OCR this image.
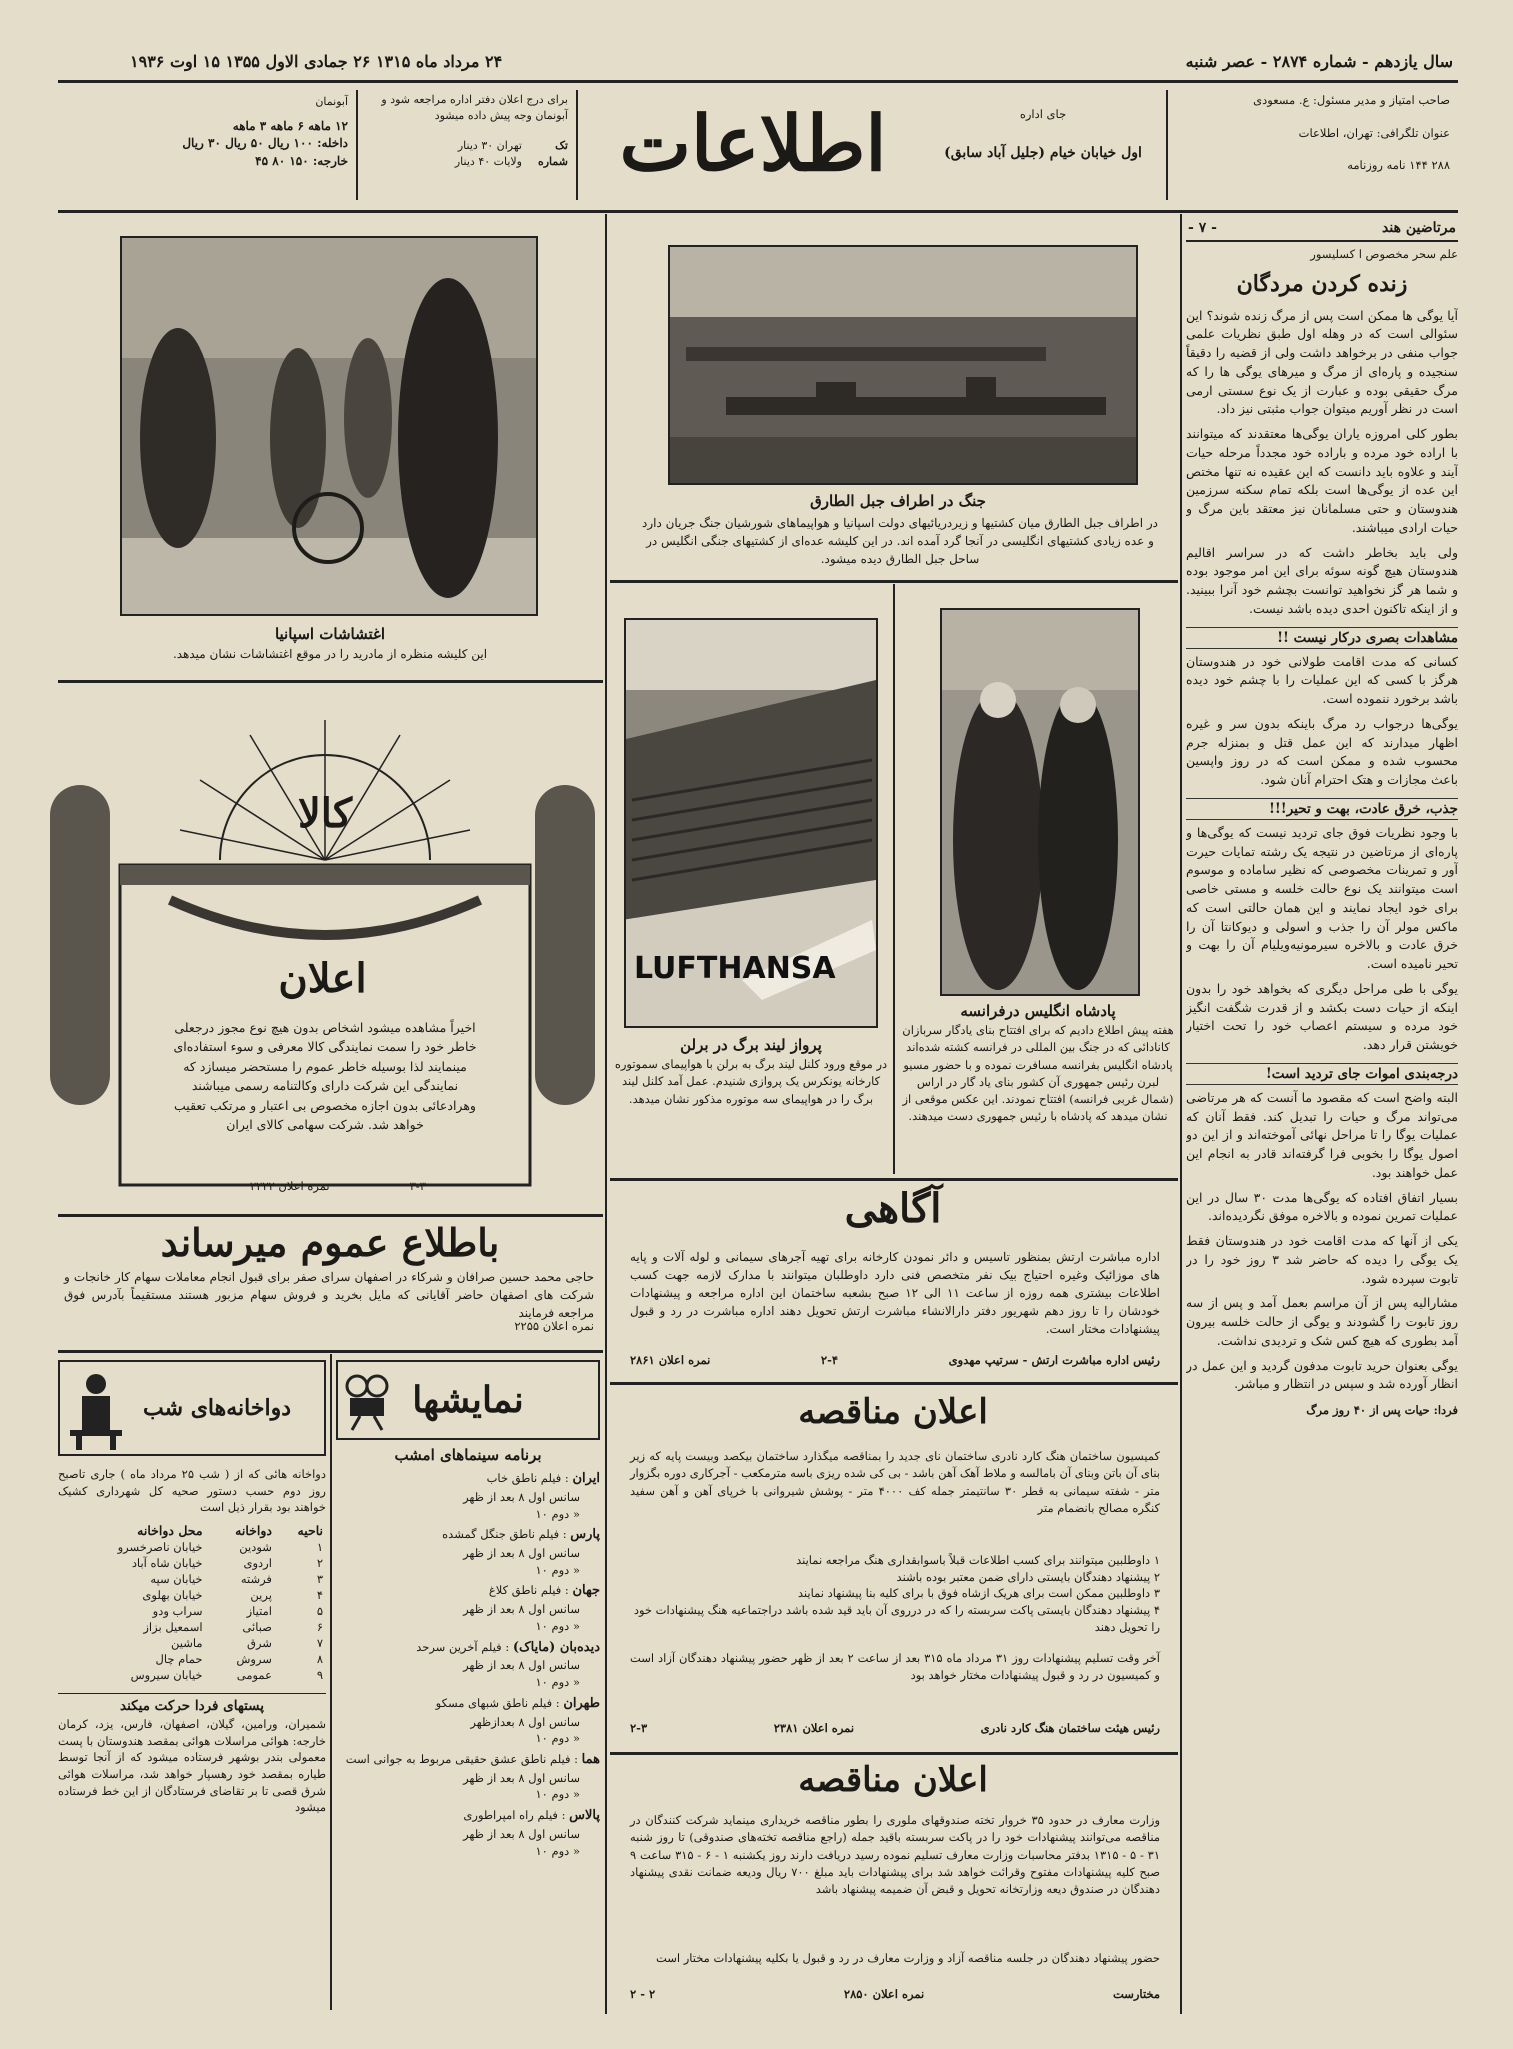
سال یازدهم - شماره ۲۸۷۴ - عصر شنبه
۲۴ مرداد ماه ۱۳۱۵ ۲۶ جمادی الاول ۱۳۵۵ ۱۵ اوت ۱۹۳۶
صاحب امتیاز و مدیر مسئول: ع. مسعودی
عنوان تلگرافی: تهران، اطلاعات
۲۸۸ ۱۴۴ نامه روزنامه
جای اداره
اول خیابان خیام (جلیل آباد سابق)
اطلاعات
برای درج اعلان دفتر اداره مراجعه شود و آبونمان وجه پیش داده میشود
تک شماره
تهران ۳۰ دینار
ولایات ۴۰ دینار
آبونمان
۱۲ ماهه ۶ ماهه ۳ ماهه
داخله: ۱۰۰ ریال ۵۰ ریال ۳۰ ریال
خارجه: ۱۵۰ ۸۰ ۴۵
مرتاضین هند
- ۷ -
علم سحر مخصوص ا کسلیسور
زنده کردن مردگان

آیا یوگی ها ممکن است پس از مرگ زنده شوند؟ این سئوالی است که در وهله اول طبق نظریات علمی جواب منفی در برخواهد داشت ولی از قضیه را دقیقاً سنجیده و پاره‌ای از مرگ و میرهای یوگی ها را که مرگ حقیقی بوده و عبارت از یک نوع سستی ارمی است در نظر آوریم میتوان جواب مثبتی نیز داد.

بطور کلی امروزه یاران یوگی‌ها معتقدند که میتوانند با اراده خود مرده و باراده خود مجدداً مرحله حیات آیند و علاوه باید دانست که این عقیده نه تنها مختص این عده از یوگی‌ها است بلکه تمام سکنه سرزمین هندوستان و حتی مسلمانان نیز معتقد باین مرگ و حیات ارادی میباشند.

ولی باید بخاطر داشت که در سراسر اقالیم هندوستان هیچ گونه سوئه برای این امر موجود بوده و شما هر گز نخواهید توانست بچشم خود آنرا ببینید. و از اینکه تاکنون احدی دیده باشد نیست.

مشاهدات بصری درکار نیست !!

کسانی که مدت اقامت طولانی خود در هندوستان هرگز با کسی که این عملیات را با چشم خود دیده باشد برخورد ننموده است.

یوگی‌ها درجواب رد مرگ باینکه بدون سر و غیره اظهار میدارند که این عمل قتل و بمنزله جرم محسوب شده و ممکن است که در روز واپسین باعث مجازات و هتک احترام آنان شود.

جذب، خرق عادت، بهت و تحیر!!!

با وجود نظریات فوق جای تردید نیست که یوگی‌ها و پاره‌ای از مرتاضین در نتیجه یک رشته تمایات حیرت آور و تمرینات مخصوصی که نظیر ساماده و موسوم است میتوانند یک نوع حالت خلسه و مستی خاصی برای خود ایجاد نمایند و این همان حالتی است که ماکس مولر آن را جذب و اسولی و دیوکانتا آن را خرق عادت و بالاخره سیرمونیه‌ویلیام آن را بهت و تحیر نامیده است.

یوگی با طی مراحل دیگری که بخواهد خود را بدون اینکه از حیات دست بکشد و از قدرت شگفت انگیز خود مرده و سیستم اعصاب خود را تحت اختیار خویشتن قرار دهد.

درجه‌بندی اموات جای تردید است!

البته واضح است که مقصود ما آنست که هر مرتاضی می‌تواند مرگ و حیات را تبدیل کند. فقط آنان که عملیات یوگا را تا مراحل نهائی آموخته‌اند و از این دو اصول یوگا را بخوبی فرا گرفته‌اند قادر به انجام این عمل خواهند بود.

بسیار اتفاق افتاده که یوگی‌ها مدت ۳۰ سال در این عملیات تمرین نموده و بالاخره موفق نگردیده‌اند.

یکی از آنها که مدت اقامت خود در هندوستان فقط یک یوگی را دیده که حاضر شد ۳ روز خود را در تابوت سپرده شود.

مشارالیه پس از آن مراسم بعمل آمد و پس از سه روز تابوت را گشودند و یوگی از حالت خلسه بیرون آمد بطوری که هیچ کس شک و تردیدی نداشت.

یوگی بعنوان حرید تابوت مدفون گردید و این عمل در انظار آورده شد و سپس در انتظار و مباشر.

فردا: حیات پس از ۴۰ روز مرگ
جنگ در اطراف جبل الطارق
در اطراف جبل الطارق میان کشتیها و زیردریائیهای دولت اسپانیا و هواپیماهای شورشیان جنگ جریان دارد و عده زیادی کشتیهای انگلیسی در آنجا گرد آمده اند. در این کلیشه عده‌ای از کشتیهای جنگی انگلیس در ساحل جبل الطارق دیده میشود.
اغتشاشات اسپانیا
این کلیشه منظره از مادرید را در موقع اغتشاشات نشان میدهد.
پادشاه انگلیس درفرانسه
هفته پیش اطلاع دادیم که برای افتتاح بنای یادگار سربازان کانادائی که در جنگ بین المللی در فرانسه کشته شده‌اند پادشاه انگلیس بفرانسه مسافرت نموده و با حضور مسیو لبرن رئیس جمهوری آن کشور بنای یاد گار در اراس (شمال غربی فرانسه) افتتاح نمودند. این عکس موقعی از نشان میدهد که پادشاه با رئیس جمهوری دست میدهند.
LUFTHANSA
پرواز لیند برگ در برلن
در موقع ورود کلنل لیند برگ به برلن با هواپیمای سموتوره کارخانه یونکرس یک پروازی شنیدم. عمل آمد کلنل لیند برگ را در هواپیمای سه موتوره مذکور نشان میدهد.
کالا
اعلان
اخیراً مشاهده میشود اشخاص بدون هیچ نوع مجوز درجعلی خاطر خود را سمت نمایندگی کالا معرفی و سوء استفاده‌ای مینمایند لذا بوسیله خاطر عموم را مستحضر میسازد که نمایندگی این شرکت دارای وکالتنامه رسمی میباشند وهرادعائی بدون اجازه مخصوص بی اعتبار و مرتکب تعقیب خواهد شد. شرکت سهامی کالای ایران
۳-۳
نمره اعلان ۲۲۲۲
باطلاع عموم میرساند
حاجی محمد حسین صرافان و شرکاء در اصفهان سرای صفر برای قبول انجام معاملات سهام کار خانجات و شرکت های اصفهان حاضر آقایانی که مایل بخرید و فروش سهام مزبور هستند مستقیماً بآدرس فوق مراجعه فرمایند
نمره اعلان ۲۲۵۵
آگاهی
اداره مباشرت ارتش بمنظور تاسیس و دائر نمودن کارخانه برای تهیه آجرهای سیمانی و لوله آلات و پایه های موزائیک وغیره احتیاج بیک نفر متخصص فنی دارد داوطلبان میتوانند با مدارک لازمه جهت کسب اطلاعات بیشتری همه روزه از ساعت ۱۱ الی ۱۲ صبح بشعبه ساختمان این اداره مراجعه و پیشنهادات خودشان را تا روز دهم شهریور دفتر دارالانشاء مباشرت ارتش تحویل دهند اداره مباشرت در رد و قبول پیشنهادات مختار است.
رئیس اداره مباشرت ارتش - سرتیپ مهدوی
۲-۴
نمره اعلان ۲۸۶۱
اعلان مناقصه
کمیسیون ساختمان هنگ کارد نادری ساختمان نای جدید را بمناقصه میگذارد ساختمان بیکصد وبیست پایه که زیر بنای آن باتن وبنای آن بامالسه و ملاط آهک آهن باشد - بی کی شده ریزی باسه مترمکعب - آجرکاری دوره بگزوار متر - شفته سیمانی به قطر ۳۰ سانتیمتر جمله کف ۴۰۰۰ متر - پوشش شیروانی با خرپای آهن و آهن سفید کنگره مصالح بانضمام متر
۱ داوطلبین میتوانند برای کسب اطلاعات قبلاً باسوابقداری هنگ مراجعه نمایند
۲ پیشنهاد دهندگان بایستی دارای ضمن معتبر بوده باشند
۳ داوطلبین ممکن است برای هریک ازشاه فوق با برای کلیه بنا پیشنهاد نمایند
۴ پیشنهاد دهندگان بایستی پاکت سربسته را که در درروی آن باید قید شده باشد دراجتماعیه هنگ پیشنهادات خود را تحویل دهند
آخر وقت تسلیم پیشنهادات روز ۳۱ مرداد ماه ۳۱۵ بعد از ساعت ۲ بعد از ظهر حضور پیشنهاد دهندگان آزاد است و کمیسیون در رد و قبول پیشنهادات مختار خواهد بود
رئیس هیئت ساختمان هنگ کارد نادری
نمره اعلان ۲۳۸۱
۲-۳
اعلان مناقصه
وزارت معارف در حدود ۳۵ خروار تخته صندوقهای ملوری را بطور مناقصه خریداری مینماید شرکت کنندگان در مناقصه می‌توانند پیشنهادات خود را در پاکت سربسته باقید جمله (راجع مناقصه تخته‌های صندوقی) تا روز شنبه ۳۱ - ۵ - ۱۳۱۵ بدفتر محاسبات وزارت معارف تسلیم نموده رسید دریافت دارند روز یکشنبه ۱ - ۶ - ۳۱۵ ساعت ۹ صبح کلیه پیشنهادات مفتوح وقرائت خواهد شد برای پیشنهادات باید مبلغ ۷۰۰ ریال ودیعه ضمانت نقدی پیشنهاد دهندگان در صندوق دیعه وزارتخانه تحویل و قبض آن ضمیمه پیشنهاد باشد
حضور پیشنهاد دهندگان در جلسه مناقصه آزاد و وزارت معارف در رد و قبول یا بکلیه پیشنهادات مختار است
مختارست
نمره اعلان ۲۸۵۰
۲ - ۲
نمایشها
برنامه سینماهای امشب
ایران : فیلم ناطق خاب
سانس اول ۸ بعد از ظهر
« دوم ۱۰
پارس : فیلم ناطق جنگل گمشده
سانس اول ۸ بعد از ظهر
« دوم ۱۰
جهان : فیلم ناطق کلاغ
سانس اول ۸ بعد از ظهر
« دوم ۱۰
دیده‌بان (مایاک) : فیلم آخرین سرحد
سانس اول ۸ بعد از ظهر
« دوم ۱۰
طهران : فیلم ناطق شبهای مسکو
سانس اول ۸ بعدازظهر
« دوم ۱۰
هما : فیلم ناطق عشق حقیقی مربوط به جوانی است
سانس اول ۸ بعد از ظهر
« دوم ۱۰
پالاس : فیلم راه امپراطوری
سانس اول ۸ بعد از ظهر
« دوم ۱۰
دواخانه‌های شب
دواخانه هائی که از ( شب ۲۵ مرداد ماه ) جاری تاصبح روز دوم حسب دستور صحیه کل شهرداری کشیک خواهند بود بقرار ذیل است
ناحیه	دواخانه	محل دواخانه
۱	شودین	خیابان ناصرخسرو
۲	اردوی	خیابان شاه آباد
۳	فرشته	خیابان سپه
۴	پرین	خیابان بهلوی
۵	امتیاز	سراب ودو
۶	صبائی	اسمعیل بزاز
۷	شرق	ماشین
۸	سروش	حمام چال
۹	عمومی	خیابان سیروس
پستهای فردا حرکت میکند
شمیران، ورامین، گیلان، اصفهان، فارس، یزد، کرمان خارجه: هوائی مراسلات هوائی بمقصد هندوستان با پست معمولی بندر بوشهر فرستاده میشود که از آنجا توسط طیاره بمقصد خود رهسپار خواهد شد، مراسلات هوائی شرق قصی تا بر تقاضای فرستادگان از این خط فرستاده میشود
